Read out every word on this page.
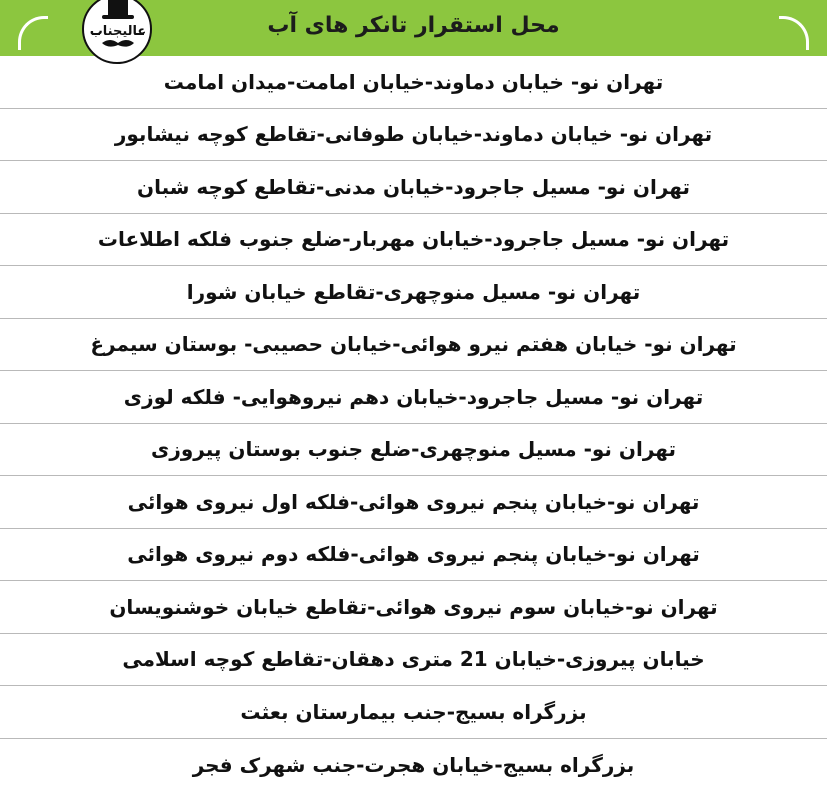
محل استقرار تانکر های آب
عالیجناب
تهران نو- خیابان دماوند-خیابان امامت-میدان امامت
تهران نو- خیابان دماوند-خیابان طوفانی-تقاطع کوچه نیشابور
تهران نو- مسیل جاجرود-خیابان مدنی-تقاطع کوچه شبان
تهران نو- مسیل جاجرود-خیابان مهربار-ضلع جنوب فلکه اطلاعات
تهران نو- مسیل منوچهری-تقاطع خیابان شورا
تهران نو- خیابان هفتم نیرو هوائی-خیابان حصیبی- بوستان سیمرغ
تهران نو- مسیل جاجرود-خیابان دهم نیروهوایی- فلکه لوزی
تهران نو- مسیل منوچهری-ضلع جنوب بوستان پیروزی
تهران نو-خیابان پنجم نیروی هوائی-فلکه اول نیروی هوائی
تهران نو-خیابان پنجم نیروی هوائی-فلکه دوم نیروی هوائی
تهران نو-خیابان سوم نیروی هوائی-تقاطع خیابان خوشنویسان
خیابان پیروزی-خیابان 21 متری دهقان-تقاطع کوچه اسلامی
بزرگراه بسیج-جنب بیمارستان بعثت
بزرگراه بسیج-خیابان هجرت-جنب شهرک فجر
